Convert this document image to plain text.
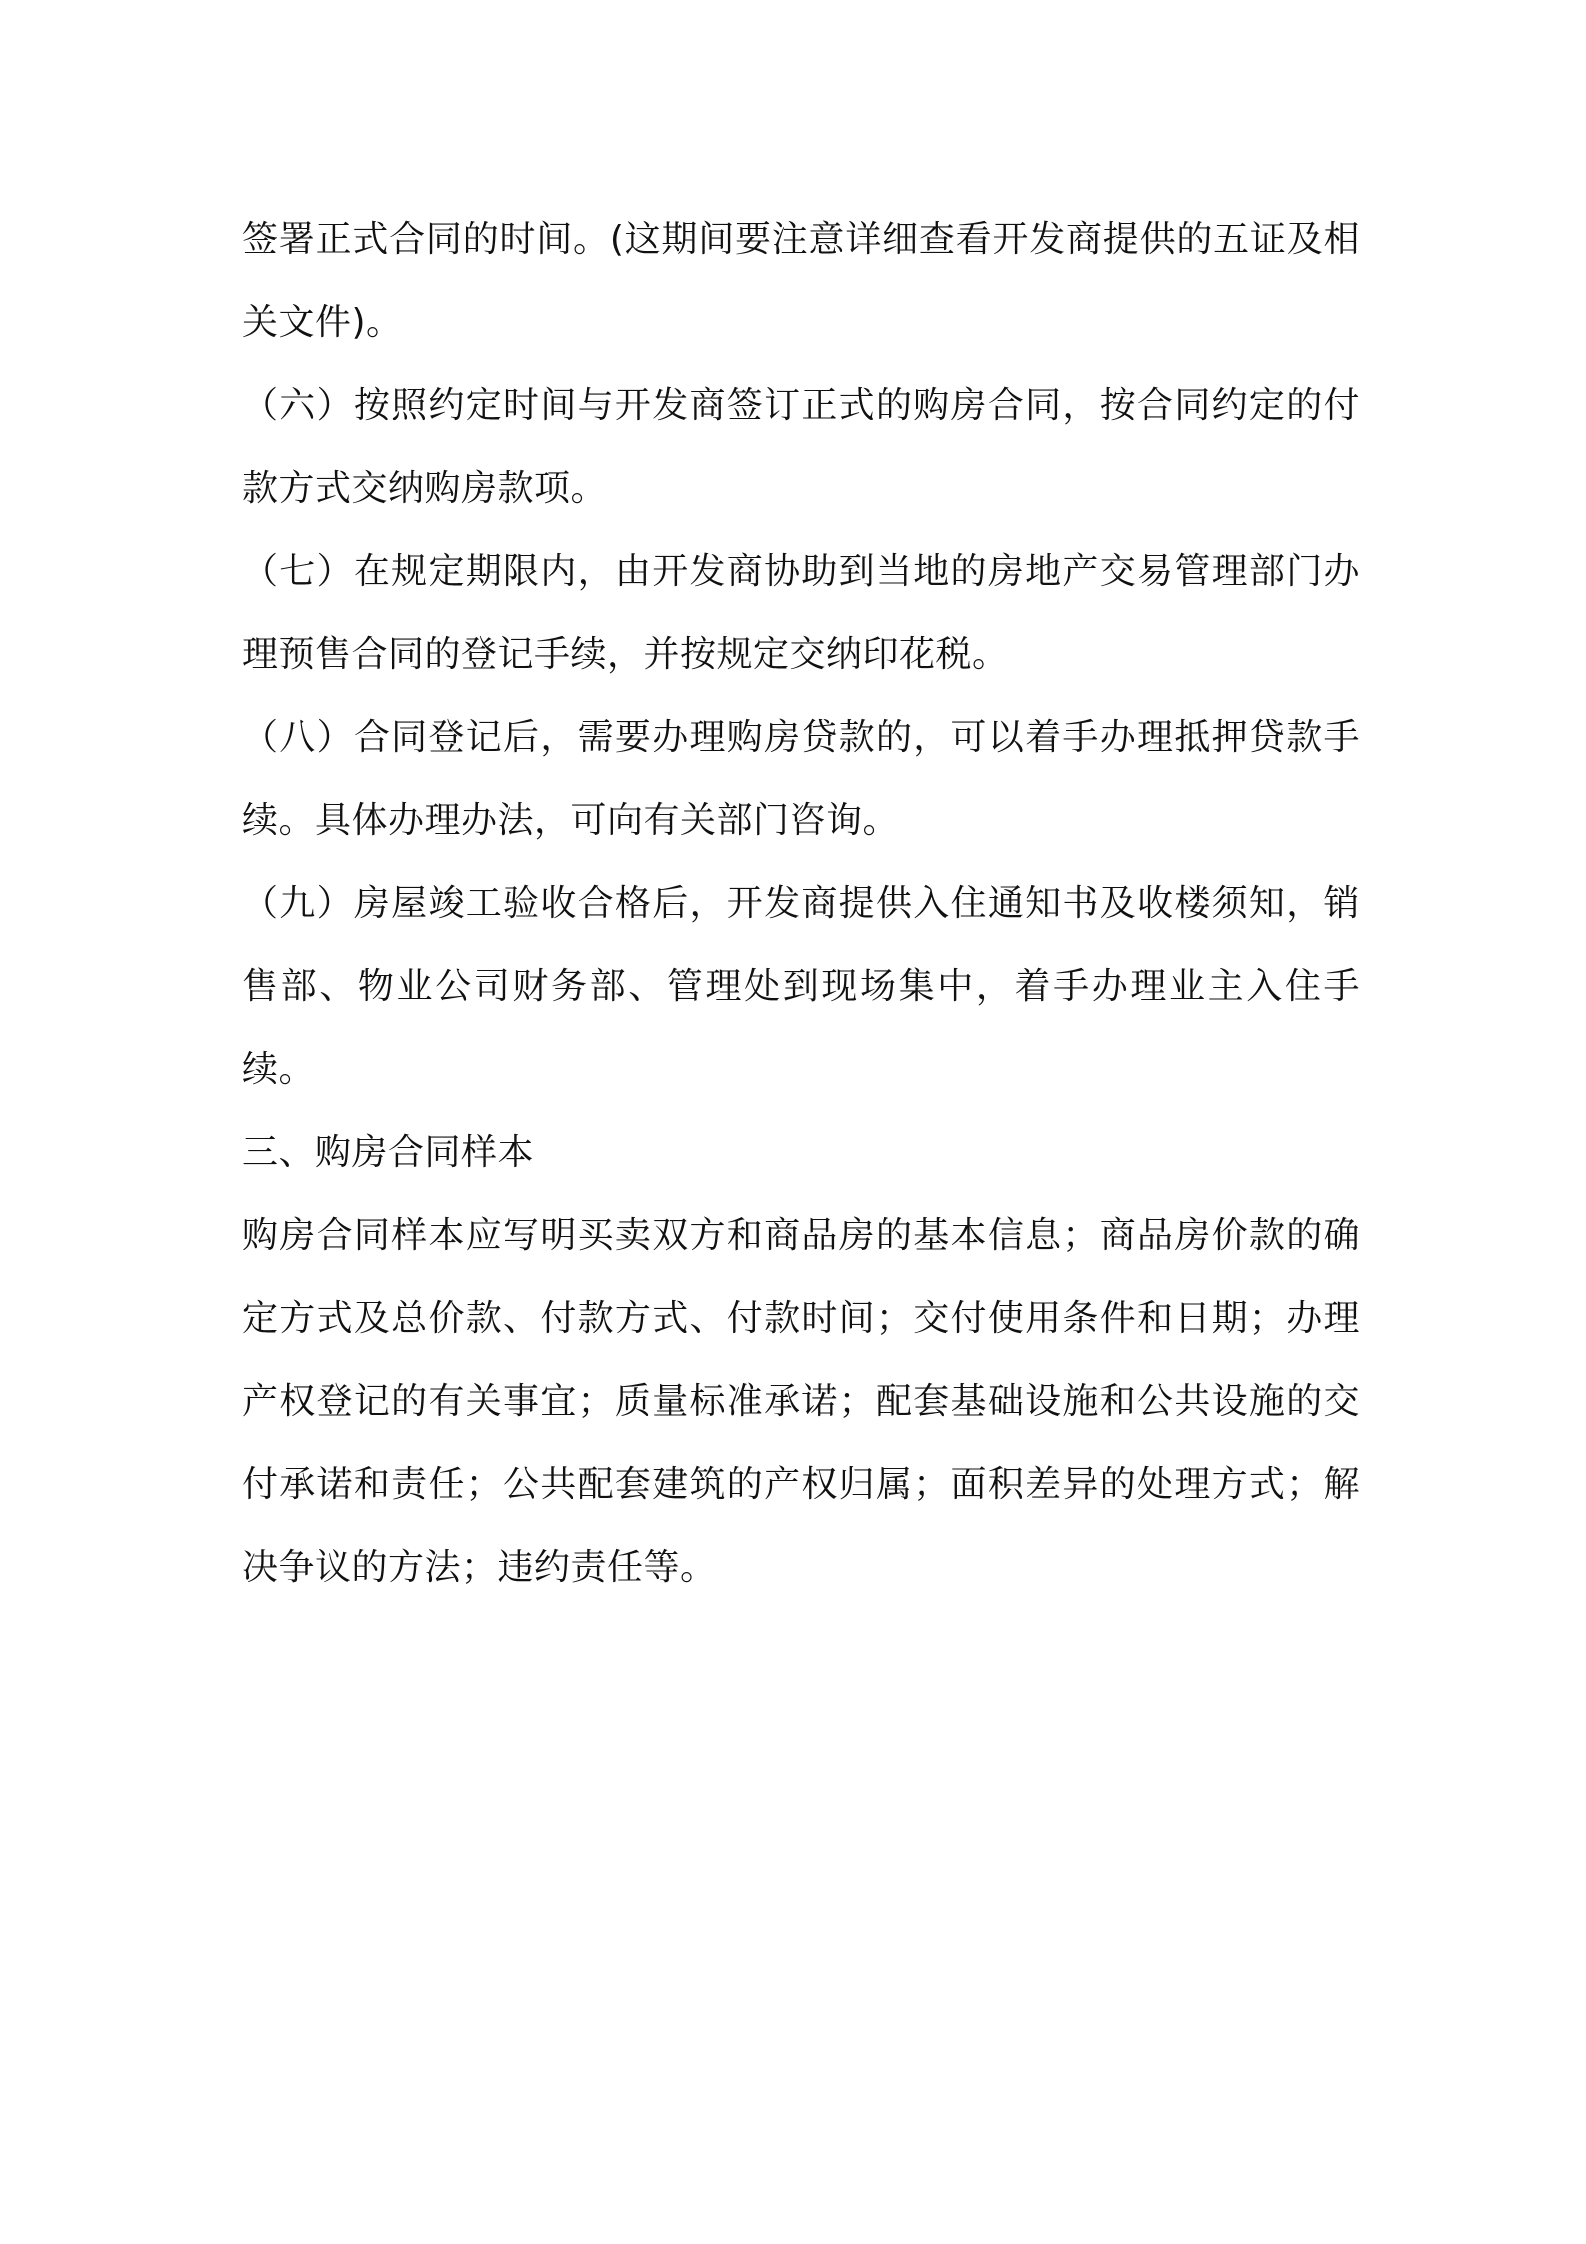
签署正式合同的时间。(这期间要注意详细查看开发商提供的五证及相关文件)。

（六）按照约定时间与开发商签订正式的购房合同，按合同约定的付款方式交纳购房款项。

（七）在规定期限内，由开发商协助到当地的房地产交易管理部门办理预售合同的登记手续，并按规定交纳印花税。

（八）合同登记后，需要办理购房贷款的，可以着手办理抵押贷款手续。具体办理办法，可向有关部门咨询。

（九）房屋竣工验收合格后，开发商提供入住通知书及收楼须知，销售部、物业公司财务部、管理处到现场集中，着手办理业主入住手续。

三、购房合同样本

购房合同样本应写明买卖双方和商品房的基本信息；商品房价款的确定方式及总价款、付款方式、付款时间；交付使用条件和日期；办理产权登记的有关事宜；质量标准承诺；配套基础设施和公共设施的交付承诺和责任；公共配套建筑的产权归属；面积差异的处理方式；解决争议的方法；违约责任等。
